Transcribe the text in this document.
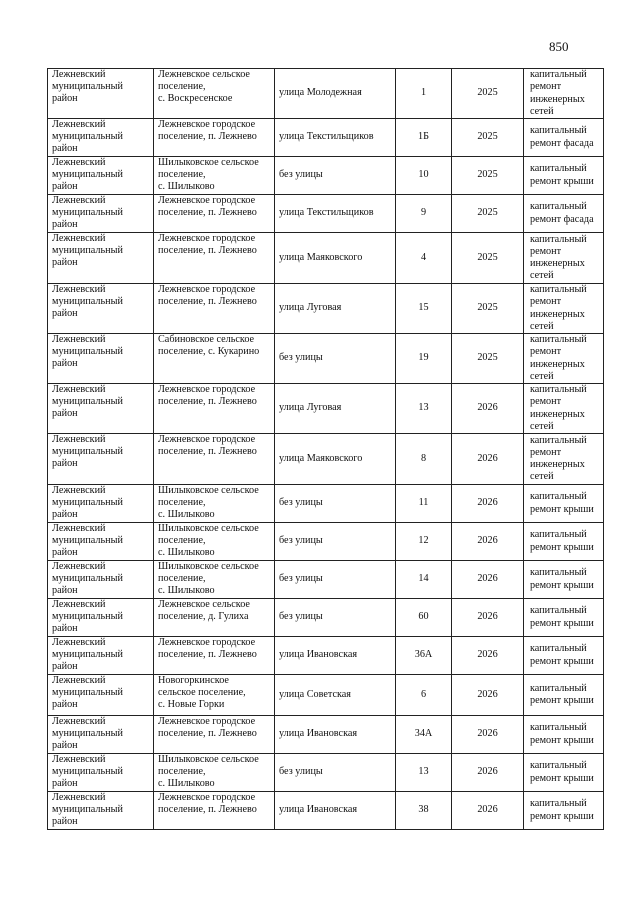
850
Лежневский
муниципальный
район	Лежневское сельское
поселение,
с. Воскресенское	улица Молодежная	1	2025	капитальный
ремонт
инженерных
сетей
Лежневский
муниципальный
район	Лежневское городское
поселение, п. Лежнево	улица Текстильщиков	1Б	2025	капитальный
ремонт фасада
Лежневский
муниципальный
район	Шилыковское сельское
поселение,
с. Шилыково	без улицы	10	2025	капитальный
ремонт крыши
Лежневский
муниципальный
район	Лежневское городское
поселение, п. Лежнево	улица Текстильщиков	9	2025	капитальный
ремонт фасада
Лежневский
муниципальный
район	Лежневское городское
поселение, п. Лежнево	улица Маяковского	4	2025	капитальный
ремонт
инженерных
сетей
Лежневский
муниципальный
район	Лежневское городское
поселение, п. Лежнево	улица Луговая	15	2025	капитальный
ремонт
инженерных
сетей
Лежневский
муниципальный
район	Сабиновское сельское
поселение, с. Кукарино	без улицы	19	2025	капитальный
ремонт
инженерных
сетей
Лежневский
муниципальный
район	Лежневское городское
поселение, п. Лежнево	улица Луговая	13	2026	капитальный
ремонт
инженерных
сетей
Лежневский
муниципальный
район	Лежневское городское
поселение, п. Лежнево	улица Маяковского	8	2026	капитальный
ремонт
инженерных
сетей
Лежневский
муниципальный
район	Шилыковское сельское
поселение,
с. Шилыково	без улицы	11	2026	капитальный
ремонт крыши
Лежневский
муниципальный
район	Шилыковское сельское
поселение,
с. Шилыково	без улицы	12	2026	капитальный
ремонт крыши
Лежневский
муниципальный
район	Шилыковское сельское
поселение,
с. Шилыково	без улицы	14	2026	капитальный
ремонт крыши
Лежневский
муниципальный
район	Лежневское сельское
поселение, д. Гулиха	без улицы	60	2026	капитальный
ремонт крыши
Лежневский
муниципальный
район	Лежневское городское
поселение, п. Лежнево	улица Ивановская	36А	2026	капитальный
ремонт крыши
Лежневский
муниципальный
район	Новогоркинское
сельское поселение,
с. Новые Горки	улица Советская	6	2026	капитальный
ремонт крыши
Лежневский
муниципальный
район	Лежневское городское
поселение, п. Лежнево	улица Ивановская	34А	2026	капитальный
ремонт крыши
Лежневский
муниципальный
район	Шилыковское сельское
поселение,
с. Шилыково	без улицы	13	2026	капитальный
ремонт крыши
Лежневский
муниципальный
район	Лежневское городское
поселение, п. Лежнево	улица Ивановская	38	2026	капитальный
ремонт крыши
